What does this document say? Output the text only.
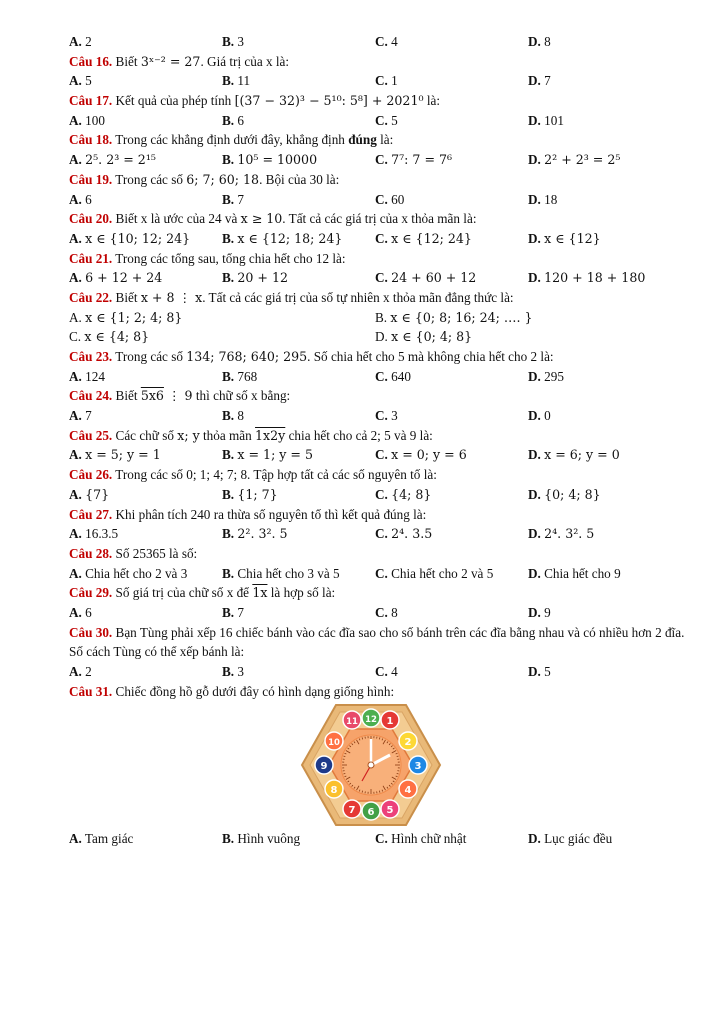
A. 2	B. 3	C. 4	D. 8
Câu 16. Biết 3ˣ⁻² = 27. Giá trị của x là:
A. 5	B. 11	C. 1	D. 7
Câu 17. Kết quả của phép tính [(37 − 32)³ − 5¹⁰: 5⁸] + 2021⁰ là:
A. 100	B. 6	C. 5	D. 101
Câu 18. Trong các khẳng định dưới đây, khẳng định đúng là:
A. 2⁵. 2³ = 2¹⁵	B. 10⁵ = 10000	C. 7⁷: 7 = 7⁶	D. 2² + 2³ = 2⁵
Câu 19. Trong các số 6; 7; 60; 18. Bội của 30 là:
A. 6	B. 7	C. 60	D. 18
Câu 20. Biết x là ước của 24 và x ≥ 10. Tất cả các giá trị của x thỏa mãn là:
A. x ∈ {10; 12; 24}	B. x ∈ {12; 18; 24}	C. x ∈ {12; 24}	D. x ∈ {12}
Câu 21. Trong các tổng sau, tổng chia hết cho 12 là:
A. 6 + 12 + 24	B. 20 + 12	C. 24 + 60 + 12	D. 120 + 18 + 180
Câu 22. Biết x + 8 ⋮ x. Tất cả các giá trị của số tự nhiên x thỏa mãn đẳng thức là:
A. x ∈ {1; 2; 4; 8}	B. x ∈ {0; 8; 16; 24; …. }
C. x ∈ {4; 8}	D. x ∈ {0; 4; 8}
Câu 23. Trong các số 134; 768; 640; 295. Số chia hết cho 5 mà không chia hết cho 2 là:
A. 124	B. 768	C. 640	D. 295
Câu 24. Biết 5x6 ⋮ 9 thì chữ số x bằng:
A. 7	B. 8	C. 3	D. 0
Câu 25. Các chữ số x; y thỏa mãn 1x2y chia hết cho cả 2; 5 và 9 là:
A. x = 5; y = 1	B. x = 1; y = 5	C. x = 0; y = 6	D. x = 6; y = 0
Câu 26. Trong các số 0; 1; 4; 7; 8. Tập hợp tất cả các số nguyên tố là:
A. {7}	B. {1; 7}	C. {4; 8}	D. {0; 4; 8}
Câu 27. Khi phân tích 240 ra thừa số nguyên tố thì kết quả đúng là:
A. 16.3.5	B. 2². 3². 5	C. 2⁴. 3.5	D. 2⁴. 3². 5
Câu 28. Số 25365 là số:
A. Chia hết cho 2 và 3	B. Chia hết cho 3 và 5	C. Chia hết cho 2 và 5	D. Chia hết cho 9
Câu 29. Số giá trị của chữ số x để 1x là hợp số là:
A. 6	B. 7	C. 8	D. 9
Câu 30. Bạn Tùng phải xếp 16 chiếc bánh vào các đĩa sao cho số bánh trên các đĩa bằng nhau và có nhiều hơn 2 đĩa. Số cách Tùng có thể xếp bánh là:
A. 2	B. 3	C. 4	D. 5
Câu 31. Chiếc đồng hồ gỗ dưới đây có hình dạng giống hình:
11 12 1
2
3
4
5
6
7
8
9
10
A. Tam giác	B. Hình vuông	C. Hình chữ nhật	D. Lục giác đều
